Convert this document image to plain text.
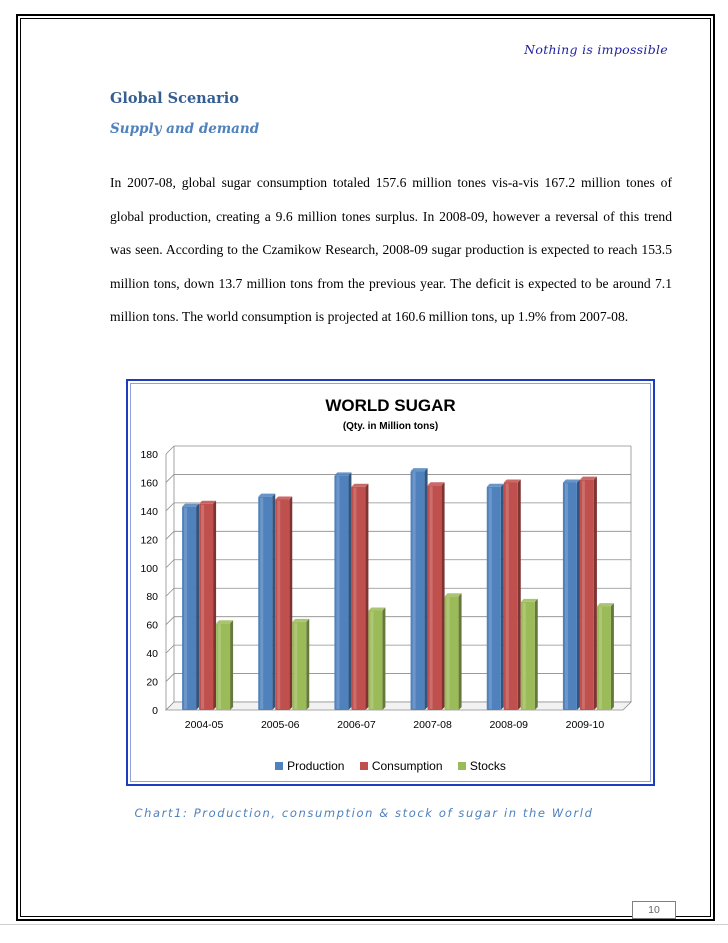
Nothing is impossible
Global Scenario
Supply and demand
In 2007-08, global sugar consumption totaled 157.6 million tones vis-a-vis 167.2 million tones of global production, creating a 9.6 million tones surplus. In 2008-09, however a reversal of this trend was seen. According to the Czamikow Research, 2008-09 sugar production is expected to reach 153.5 million tons, down 13.7 million tons from the previous year. The deficit is expected to be around 7.1 million tons. The world consumption is projected at 160.6 million tons, up 1.9% from 2007-08.
WORLD SUGAR
(Qty. in Million tons)
0
20
40
60
80
100
120
140
160
180
2004-05	2005-06	2006-07	2007-08	2008-09	2009-10
Production Consumption Stocks
Chart1: Production, consumption & stock of sugar in the World
10
